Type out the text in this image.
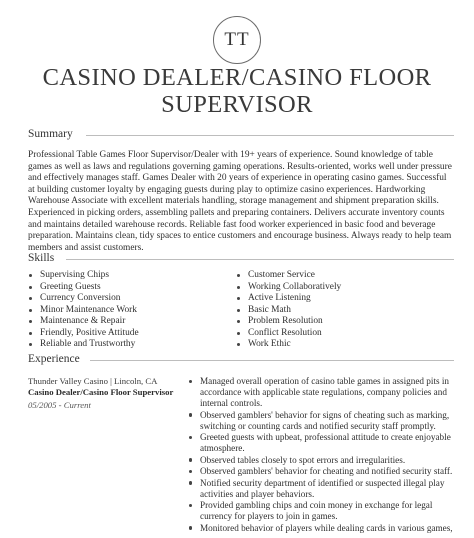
TT
CASINO DEALER/CASINO FLOOR
SUPERVISOR
Summary
Professional Table Games Floor Supervisor/Dealer with 19+ years of experience. Sound knowledge of table games as well as laws and regulations governing gaming operations. Results-oriented, works well under pressure and effectively manages staff. Games Dealer with 20 years of experience in operating casino games. Successful at building customer loyalty by engaging guests during play to optimize casino experiences. Hardworking Warehouse Associate with excellent materials handling, storage management and shipment preparation skills. Experienced in picking orders, assembling pallets and preparing containers. Delivers accurate inventory counts and maintains detailed warehouse records. Reliable fast food worker experienced in basic food and beverage preparation. Maintains clean, tidy spaces to entice customers and encourage business. Always ready to help team members and assist customers.
Skills
Supervising Chips
Greeting Guests
Currency Conversion
Minor Maintenance Work
Maintenance & Repair
Friendly, Positive Attitude
Reliable and Trustworthy
Customer Service
Working Collaboratively
Active Listening
Basic Math
Problem Resolution
Conflict Resolution
Work Ethic
Experience
Thunder Valley Casino | Lincoln, CA
Casino Dealer/Casino Floor Supervisor
05/2005 - Current
Managed overall operation of casino table games in assigned pits in accordance with applicable state regulations, company policies and internal controls.
Observed gamblers' behavior for signs of cheating such as marking, switching or counting cards and notified security staff promptly.
Greeted guests with upbeat, professional attitude to create enjoyable atmosphere.
Observed tables closely to spot errors and irregularities.
Observed gamblers' behavior for cheating and notified security staff.
Notified security department of identified or suspected illegal play activities and player behaviors.
Provided gambling chips and coin money in exchange for legal currency for players to join in games.
Monitored behavior of players while dealing cards in various games,
